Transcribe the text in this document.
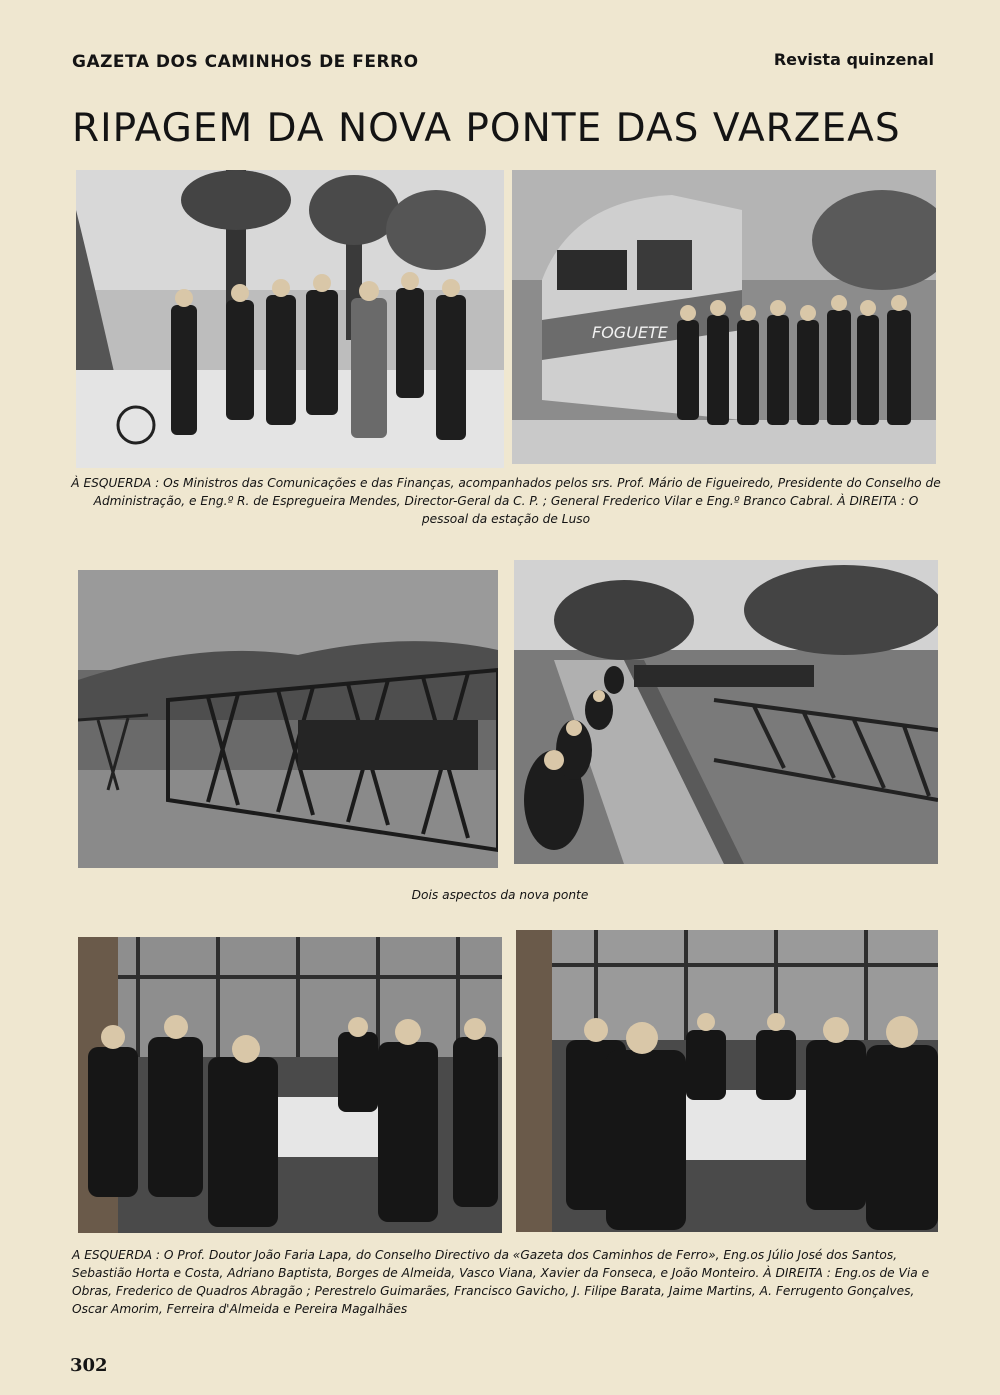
GAZETA DOS CAMINHOS DE FERRO	Revista quinzenal
RIPAGEM DA NOVA PONTE DAS VARZEAS
FOGUETE
À ESQUERDA : Os Ministros das Comunicações e das Finanças, acompanhados pelos srs. Prof. Mário de Figueiredo, Presidente do Conselho de Administração, e Eng.º R. de Espregueira Mendes, Director-Geral da C. P. ; General Frederico Vilar e Eng.º Branco Cabral. À DIREITA : O pessoal da estação de Luso
Dois aspectos da nova ponte
A ESQUERDA : O Prof. Doutor João Faria Lapa, do Conselho Directivo da «Gazeta dos Caminhos de Ferro», Eng.os Júlio José dos Santos, Sebastião Horta e Costa, Adriano Baptista, Borges de Almeida, Vasco Viana, Xavier da Fonseca, e João Monteiro. À DIREITA : Eng.os de Via e Obras, Frederico de Quadros Abragão ; Perestrelo Guimarães, Francisco Gavicho, J. Filipe Barata, Jaime Martins, A. Ferrugento Gonçalves, Oscar Amorim, Ferreira d'Almeida e Pereira Magalhães
302
